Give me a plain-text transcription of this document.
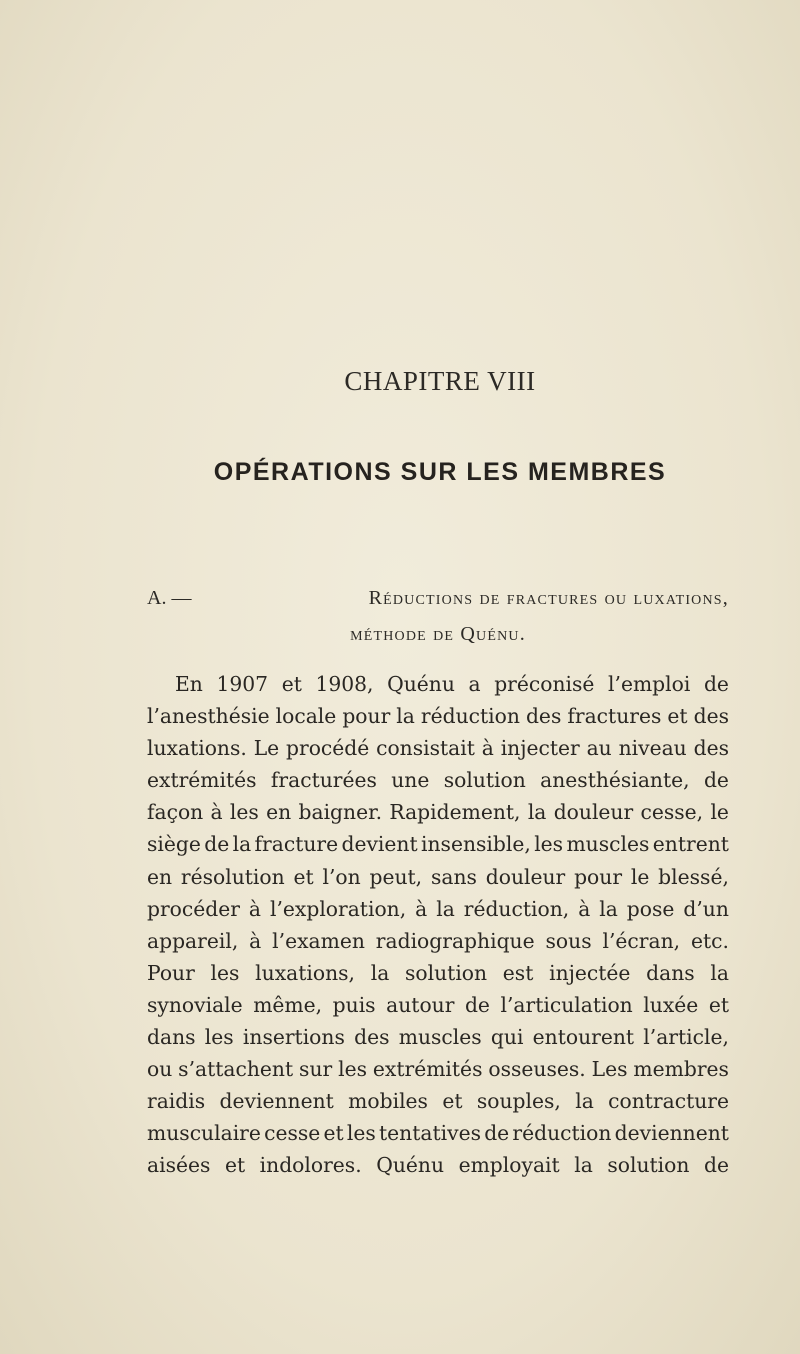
CHAPITRE VIII
OPÉRATIONS SUR LES MEMBRES
A. —	Réductions de fractures ou luxations,
méthode de Quénu.
En 1907 et 1908, Quénu a préconisé l’emploi de
l’anesthésie locale pour la réduction des fractures et des
luxations. Le procédé consistait à injecter au niveau des
extrémités fracturées une solution anesthésiante, de
façon à les en baigner. Rapidement, la douleur cesse, le
siège de la fracture devient insensible, les muscles entrent
en résolution et l’on peut, sans douleur pour le blessé,
procéder à l’exploration, à la réduction, à la pose d’un
appareil, à l’examen radiographique sous l’écran, etc.
Pour les luxations, la solution est injectée dans la
synoviale même, puis autour de l’articulation luxée et
dans les insertions des muscles qui entourent l’article,
ou s’attachent sur les extrémités osseuses. Les membres
raidis deviennent mobiles et souples, la contracture
musculaire cesse et les tentatives de réduction deviennent
aisées et indolores. Quénu employait la solution de
